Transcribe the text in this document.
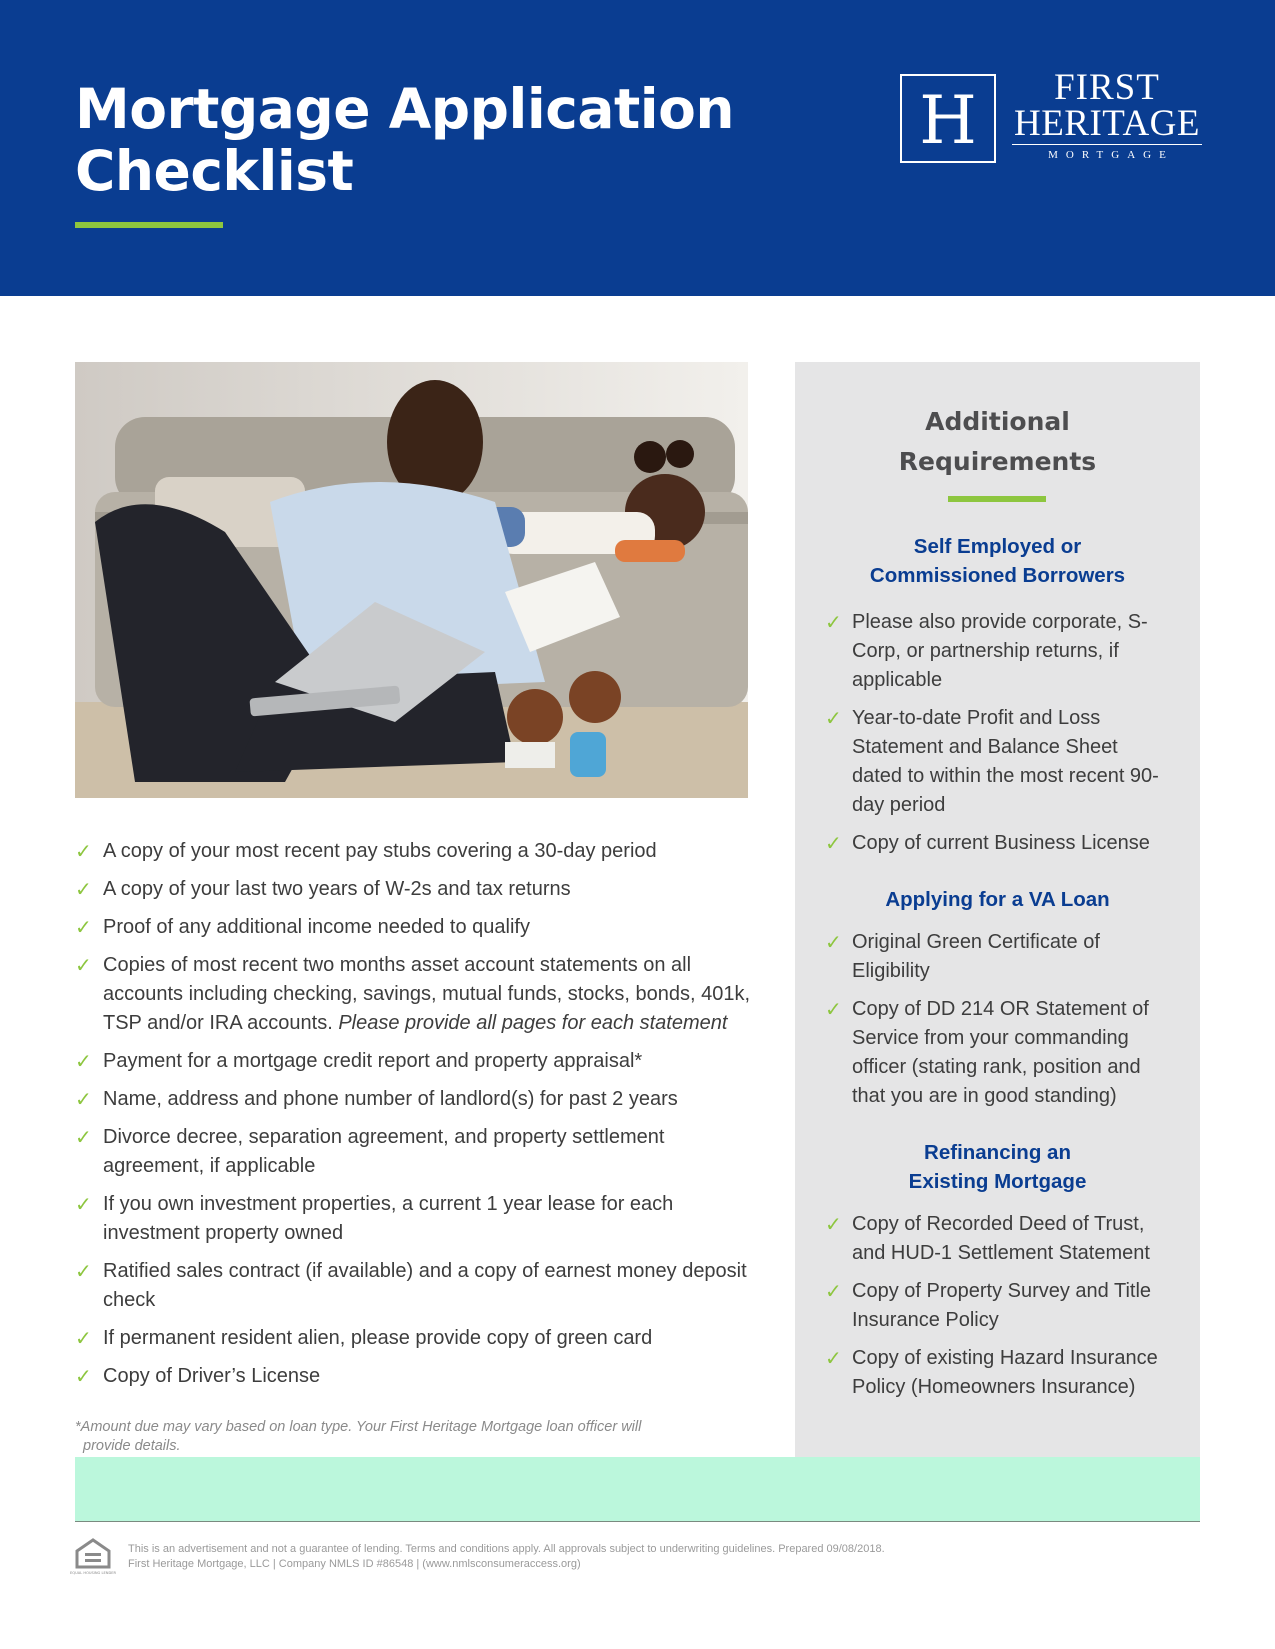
Mortgage Application
Checklist
H	FIRST
HERITAGE
MORTGAGE
✓ A copy of your most recent pay stubs covering a 30-day period
✓ A copy of your last two years of W-2s and tax returns
✓ Proof of any additional income needed to qualify
✓ Copies of most recent two months asset account statements on all accounts including checking, savings, mutual funds, stocks, bonds, 401k, TSP and/or IRA accounts. Please provide all pages for each statement
✓ Payment for a mortgage credit report and property appraisal*
✓ Name, address and phone number of landlord(s) for past 2 years
✓ Divorce decree, separation agreement, and property settlement agreement, if applicable
✓ If you own investment properties, a current 1 year lease for each investment property owned
✓ Ratified sales contract (if available) and a copy of earnest money deposit check
✓ If permanent resident alien, please provide copy of green card
✓ Copy of Driver’s License
*Amount due may vary based on loan type. Your First Heritage Mortgage loan officer will
provide details.
Additional
Requirements
Self Employed or
Commissioned Borrowers
✓ Please also provide corporate, S-Corp, or partnership returns, if applicable
✓ Year-to-date Profit and Loss Statement and Balance Sheet dated to within the most recent 90-day period
✓ Copy of current Business License
Applying for a VA Loan
✓ Original Green Certificate of Eligibility
✓ Copy of DD 214 OR Statement of Service from your commanding officer (stating rank, position and that you are in good standing)
Refinancing an
Existing Mortgage
✓ Copy of Recorded Deed of Trust, and HUD-1 Settlement Statement
✓ Copy of Property Survey and Title Insurance Policy
✓ Copy of existing Hazard Insurance Policy (Homeowners Insurance)
EQUAL HOUSING LENDER
This is an advertisement and not a guarantee of lending. Terms and conditions apply. All approvals subject to underwriting guidelines. Prepared 09/08/2018.
First Heritage Mortgage, LLC | Company NMLS ID #86548 | (www.nmlsconsumeraccess.org)
